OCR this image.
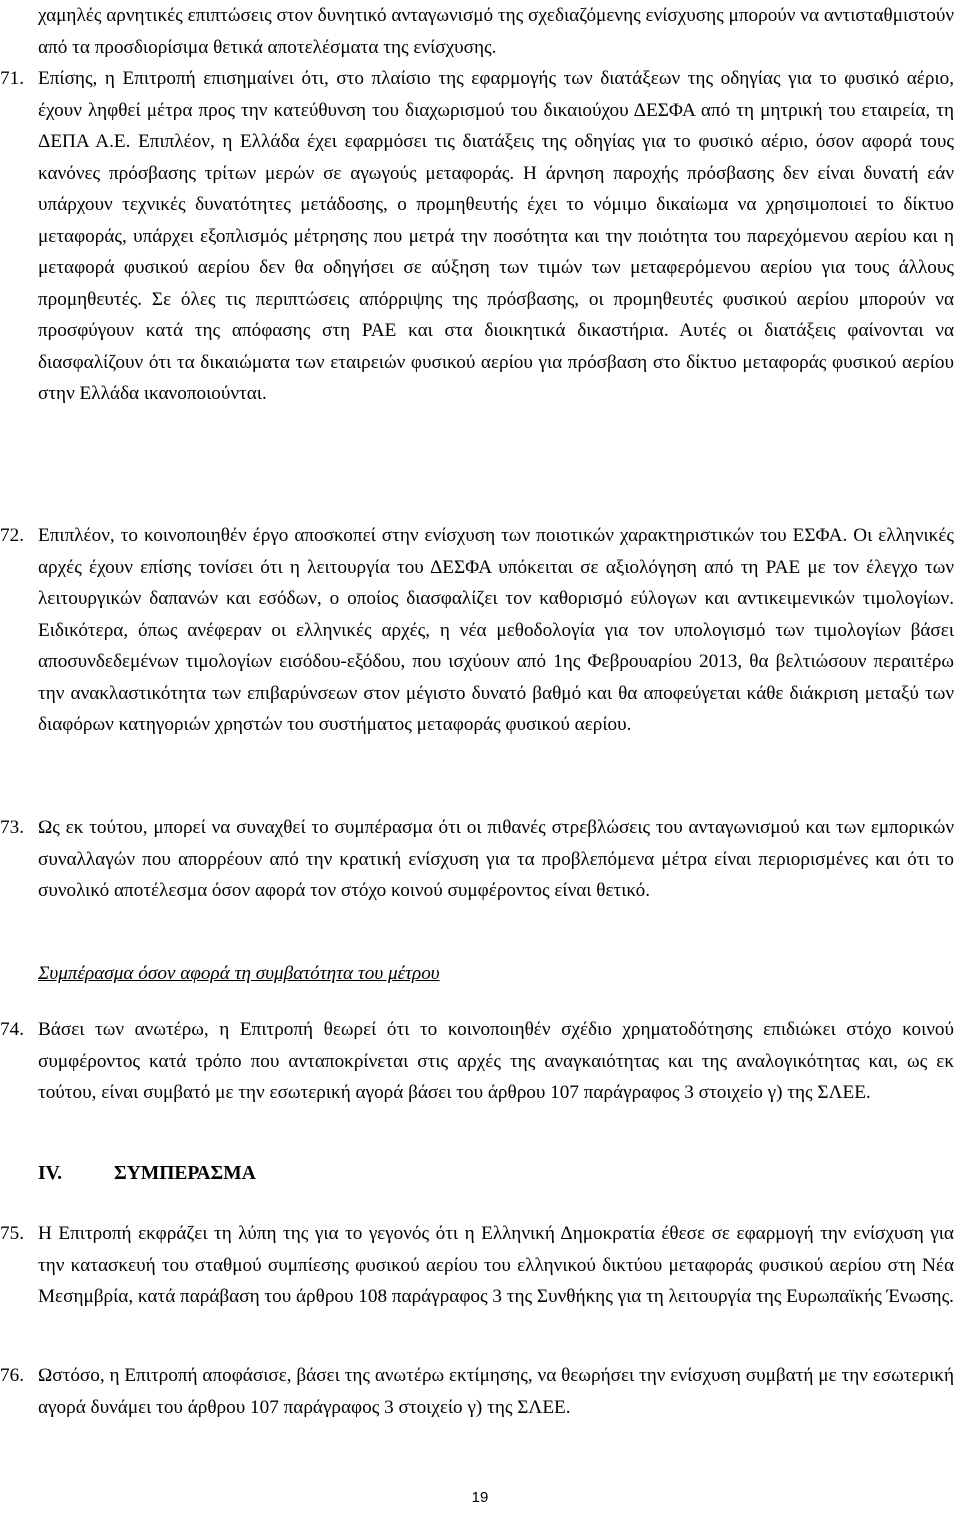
χαμηλές αρνητικές επιπτώσεις στον δυνητικό ανταγωνισμό της σχεδιαζόμενης ενίσχυσης μπορούν να αντισταθμιστούν από τα προσδιορίσιμα θετικά αποτελέσματα της ενίσχυσης.

71. Επίσης, η Επιτροπή επισημαίνει ότι, στο πλαίσιο της εφαρμογής των διατάξεων της οδηγίας για το φυσικό αέριο, έχουν ληφθεί μέτρα προς την κατεύθυνση του διαχωρισμού του δικαιούχου ΔΕΣΦΑ από τη μητρική του εταιρεία, τη ΔΕΠΑ Α.Ε. Επιπλέον, η Ελλάδα έχει εφαρμόσει τις διατάξεις της οδηγίας για το φυσικό αέριο, όσον αφορά τους κανόνες πρόσβασης τρίτων μερών σε αγωγούς μεταφοράς. Η άρνηση παροχής πρόσβασης δεν είναι δυνατή εάν υπάρχουν τεχνικές δυνατότητες μετάδοσης, ο προμηθευτής έχει το νόμιμο δικαίωμα να χρησιμοποιεί το δίκτυο μεταφοράς, υπάρχει εξοπλισμός μέτρησης που μετρά την ποσότητα και την ποιότητα του παρεχόμενου αερίου και η μεταφορά φυσικού αερίου δεν θα οδηγήσει σε αύξηση των τιμών των μεταφερόμενου αερίου για τους άλλους προμηθευτές. Σε όλες τις περιπτώσεις απόρριψης της πρόσβασης, οι προμηθευτές φυσικού αερίου μπορούν να προσφύγουν κατά της απόφασης στη ΡΑΕ και στα διοικητικά δικαστήρια. Αυτές οι διατάξεις φαίνονται να διασφαλίζουν ότι τα δικαιώματα των εταιρειών φυσικού αερίου για πρόσβαση στο δίκτυο μεταφοράς φυσικού αερίου στην Ελλάδα ικανοποιούνται.

72. Επιπλέον, το κοινοποιηθέν έργο αποσκοπεί στην ενίσχυση των ποιοτικών χαρακτηριστικών του ΕΣΦΑ. Οι ελληνικές αρχές έχουν επίσης τονίσει ότι η λειτουργία του ΔΕΣΦΑ υπόκειται σε αξιολόγηση από τη ΡΑΕ με τον έλεγχο των λειτουργικών δαπανών και εσόδων, ο οποίος διασφαλίζει τον καθορισμό εύλογων και αντικειμενικών τιμολογίων. Ειδικότερα, όπως ανέφεραν οι ελληνικές αρχές, η νέα μεθοδολογία για τον υπολογισμό των τιμολογίων βάσει αποσυνδεδεμένων τιμολογίων εισόδου-εξόδου, που ισχύουν από 1ης Φεβρουαρίου 2013, θα βελτιώσουν περαιτέρω την ανακλαστικότητα των επιβαρύνσεων στον μέγιστο δυνατό βαθμό και θα αποφεύγεται κάθε διάκριση μεταξύ των διαφόρων κατηγοριών χρηστών του συστήματος μεταφοράς φυσικού αερίου.

73. Ως εκ τούτου, μπορεί να συναχθεί το συμπέρασμα ότι οι πιθανές στρεβλώσεις του ανταγωνισμού και των εμπορικών συναλλαγών που απορρέουν από την κρατική ενίσχυση για τα προβλεπόμενα μέτρα είναι περιορισμένες και ότι το συνολικό αποτέλεσμα όσον αφορά τον στόχο κοινού συμφέροντος είναι θετικό.

Συμπέρασμα όσον αφορά τη συμβατότητα του μέτρου

74. Βάσει των ανωτέρω, η Επιτροπή θεωρεί ότι το κοινοποιηθέν σχέδιο χρηματοδότησης επιδιώκει στόχο κοινού συμφέροντος κατά τρόπο που ανταποκρίνεται στις αρχές της αναγκαιότητας και της αναλογικότητας και, ως εκ τούτου, είναι συμβατό με την εσωτερική αγορά βάσει του άρθρου 107 παράγραφος 3 στοιχείο γ) της ΣΛΕΕ.

IV.	ΣΥΜΠΕΡΑΣΜΑ
75. Η Επιτροπή εκφράζει τη λύπη της για το γεγονός ότι η Ελληνική Δημοκρατία έθεσε σε εφαρμογή την ενίσχυση για την κατασκευή του σταθμού συμπίεσης φυσικού αερίου του ελληνικού δικτύου μεταφοράς φυσικού αερίου στη Νέα Μεσημβρία, κατά παράβαση του άρθρου 108 παράγραφος 3 της Συνθήκης για τη λειτουργία της Ευρωπαϊκής Ένωσης.

76. Ωστόσο, η Επιτροπή αποφάσισε, βάσει της ανωτέρω εκτίμησης, να θεωρήσει την ενίσχυση συμβατή με την εσωτερική αγορά δυνάμει του άρθρου 107 παράγραφος 3 στοιχείο γ) της ΣΛΕΕ.

19
